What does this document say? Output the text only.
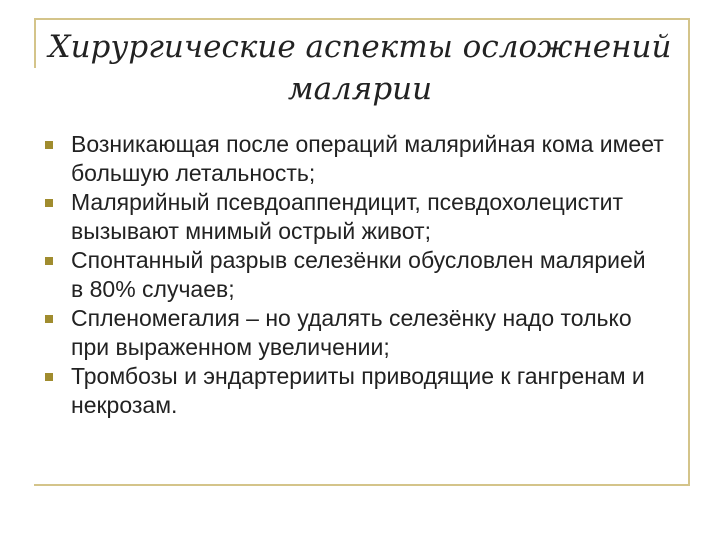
Хирургические аспекты осложнений малярии
Возникающая после операций малярийная кома имеет большую летальность;
Малярийный псевдоаппендицит, псевдохолецистит вызывают мнимый острый живот;
Спонтанный разрыв селезёнки обусловлен малярией в 80% случаев;
Спленомегалия – но удалять селезёнку надо только при выраженном увеличении;
Тромбозы и эндартерииты приводящие к гангренам и некрозам.
